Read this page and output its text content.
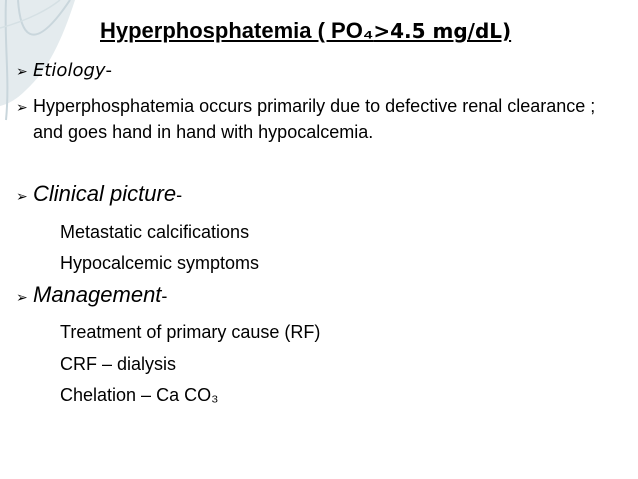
Hyperphosphatemia ( PO₄>4.5 mg/dL)
➢ Etiology -
➢ Hyperphosphatemia occurs primarily due to defective renal clearance ; and goes hand in hand with hypocalcemia.
➢ Clinical picture -
Metastatic calcifications
Hypocalcemic symptoms
➢ Management -
Treatment of primary cause (RF)
CRF – dialysis
Chelation – Ca CO₃
